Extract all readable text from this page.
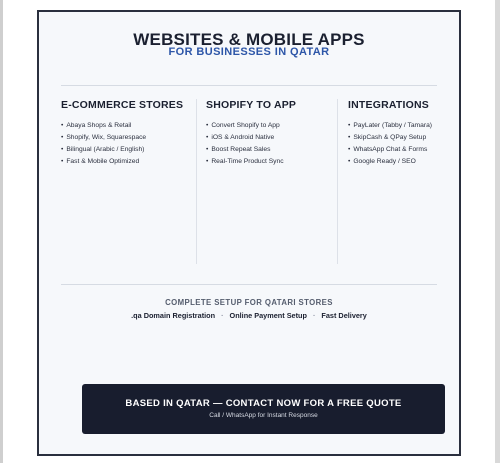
WEBSITES & MOBILE APPS
FOR BUSINESSES IN QATAR
E-COMMERCE STORES
• Abaya Shops & Retail
• Shopify, Wix, Squarespace
• Bilingual (Arabic / English)
• Fast & Mobile Optimized
SHOPIFY TO APP
• Convert Shopify to App
• iOS & Android Native
• Boost Repeat Sales
• Real-Time Product Sync
INTEGRATIONS
• PayLater (Tabby / Tamara)
• SkipCash & QPay Setup
• WhatsApp Chat & Forms
• Google Ready / SEO
COMPLETE SETUP FOR QATARI STORES
.qa Domain Registration · Online Payment Setup · Fast Delivery
BASED IN QATAR — CONTACT NOW FOR A FREE QUOTE
Call / WhatsApp for Instant Response
